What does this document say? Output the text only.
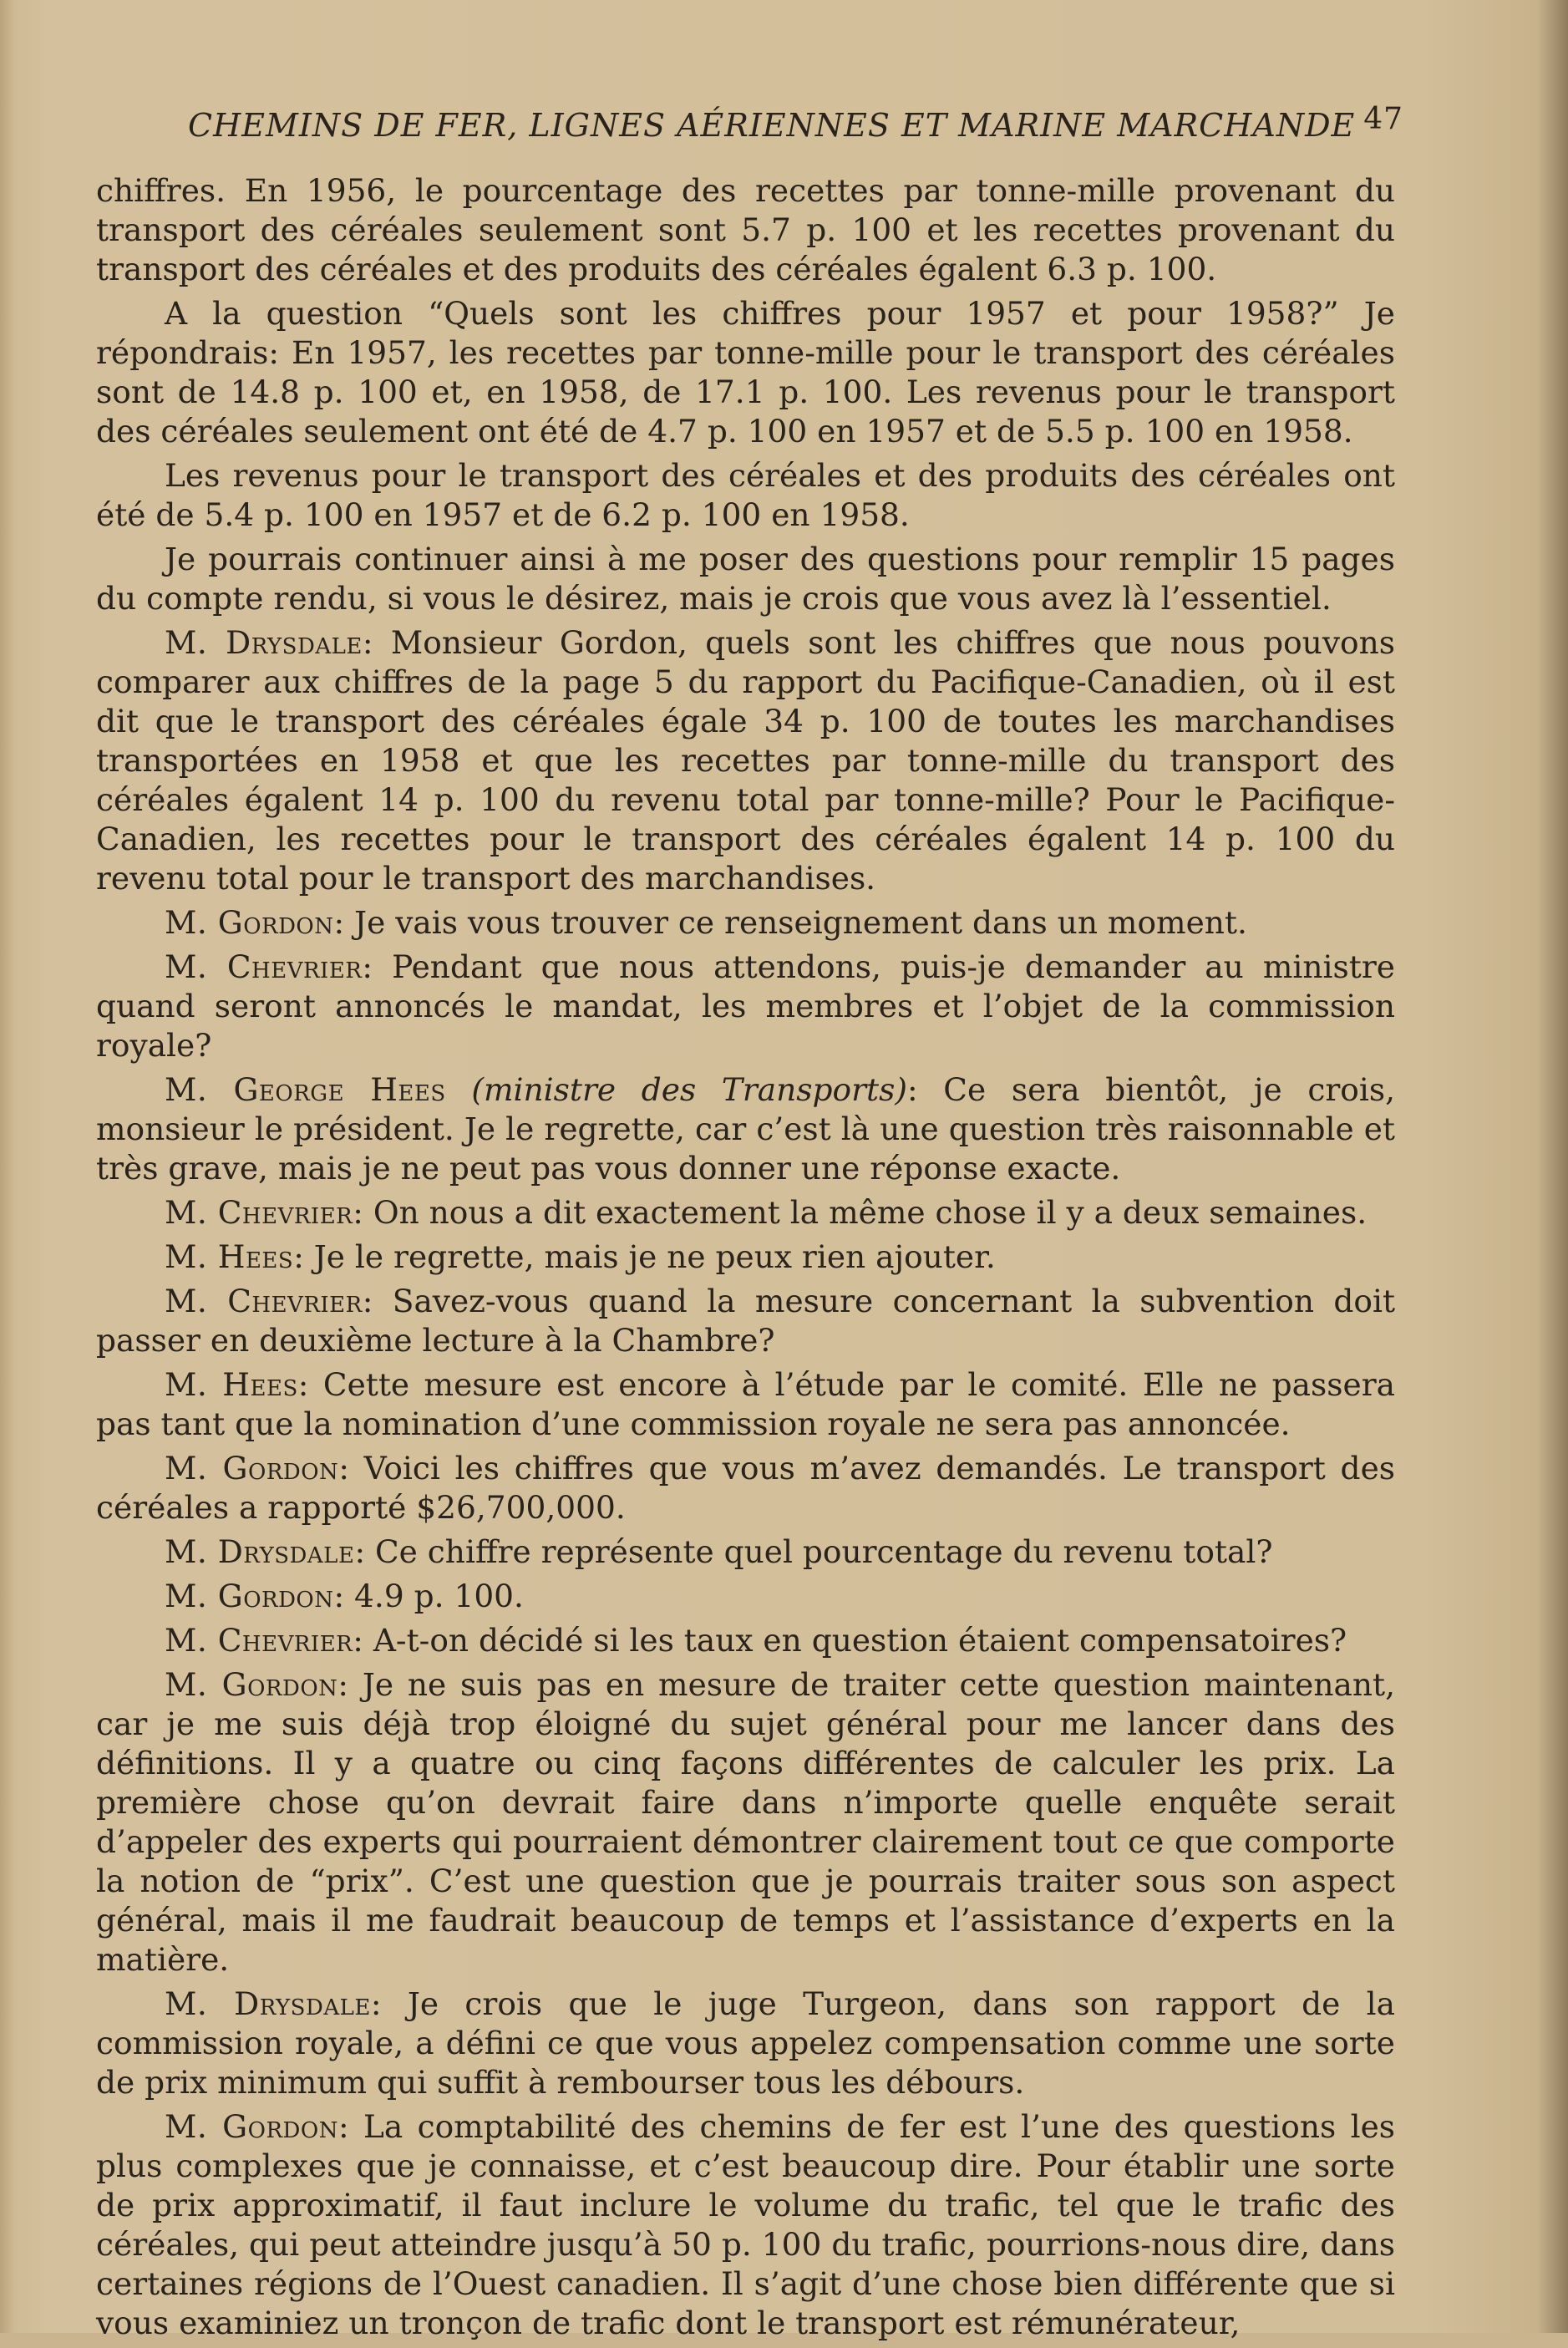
CHEMINS DE FER, LIGNES AÉRIENNES ET MARINE MARCHANDE 47

chiffres. En 1956, le pourcentage des recettes par tonne-mille provenant du transport des céréales seulement sont 5.7 p. 100 et les recettes provenant du transport des céréales et des produits des céréales égalent 6.3 p. 100.

A la question “Quels sont les chiffres pour 1957 et pour 1958?” Je répondrais: En 1957, les recettes par tonne-mille pour le transport des céréales sont de 14.8 p. 100 et, en 1958, de 17.1 p. 100. Les revenus pour le transport des céréales seulement ont été de 4.7 p. 100 en 1957 et de 5.5 p. 100 en 1958.

Les revenus pour le transport des céréales et des produits des céréales ont été de 5.4 p. 100 en 1957 et de 6.2 p. 100 en 1958.

Je pourrais continuer ainsi à me poser des questions pour remplir 15 pages du compte rendu, si vous le désirez, mais je crois que vous avez là l’essentiel.

M. Drysdale: Monsieur Gordon, quels sont les chiffres que nous pouvons comparer aux chiffres de la page 5 du rapport du Pacifique-Canadien, où il est dit que le transport des céréales égale 34 p. 100 de toutes les marchandises transportées en 1958 et que les recettes par tonne-mille du transport des céréales égalent 14 p. 100 du revenu total par tonne-mille? Pour le Pacifique-Canadien, les recettes pour le transport des céréales égalent 14 p. 100 du revenu total pour le transport des marchandises.

M. Gordon: Je vais vous trouver ce renseignement dans un moment.

M. Chevrier: Pendant que nous attendons, puis-je demander au ministre quand seront annoncés le mandat, les membres et l’objet de la commission royale?

M. George Hees (ministre des Transports): Ce sera bientôt, je crois, monsieur le président. Je le regrette, car c’est là une question très raisonnable et très grave, mais je ne peut pas vous donner une réponse exacte.

M. Chevrier: On nous a dit exactement la même chose il y a deux semaines.

M. Hees: Je le regrette, mais je ne peux rien ajouter.

M. Chevrier: Savez-vous quand la mesure concernant la subvention doit passer en deuxième lecture à la Chambre?

M. Hees: Cette mesure est encore à l’étude par le comité. Elle ne passera pas tant que la nomination d’une commission royale ne sera pas annoncée.

M. Gordon: Voici les chiffres que vous m’avez demandés. Le transport des céréales a rapporté $26,700,000.

M. Drysdale: Ce chiffre représente quel pourcentage du revenu total?

M. Gordon: 4.9 p. 100.

M. Chevrier: A-t-on décidé si les taux en question étaient compensatoires?

M. Gordon: Je ne suis pas en mesure de traiter cette question maintenant, car je me suis déjà trop éloigné du sujet général pour me lancer dans des définitions. Il y a quatre ou cinq façons différentes de calculer les prix. La première chose qu’on devrait faire dans n’importe quelle enquête serait d’appeler des experts qui pourraient démontrer clairement tout ce que comporte la notion de “prix”. C’est une question que je pourrais traiter sous son aspect général, mais il me faudrait beaucoup de temps et l’assistance d’experts en la matière.

M. Drysdale: Je crois que le juge Turgeon, dans son rapport de la commission royale, a défini ce que vous appelez compensation comme une sorte de prix minimum qui suffit à rembourser tous les débours.

M. Gordon: La comptabilité des chemins de fer est l’une des questions les plus complexes que je connaisse, et c’est beaucoup dire. Pour établir une sorte de prix approximatif, il faut inclure le volume du trafic, tel que le trafic des céréales, qui peut atteindre jusqu’à 50 p. 100 du trafic, pourrions-nous dire, dans certaines régions de l’Ouest canadien. Il s’agit d’une chose bien différente que si vous examiniez un tronçon de trafic dont le transport est rémunérateur,
